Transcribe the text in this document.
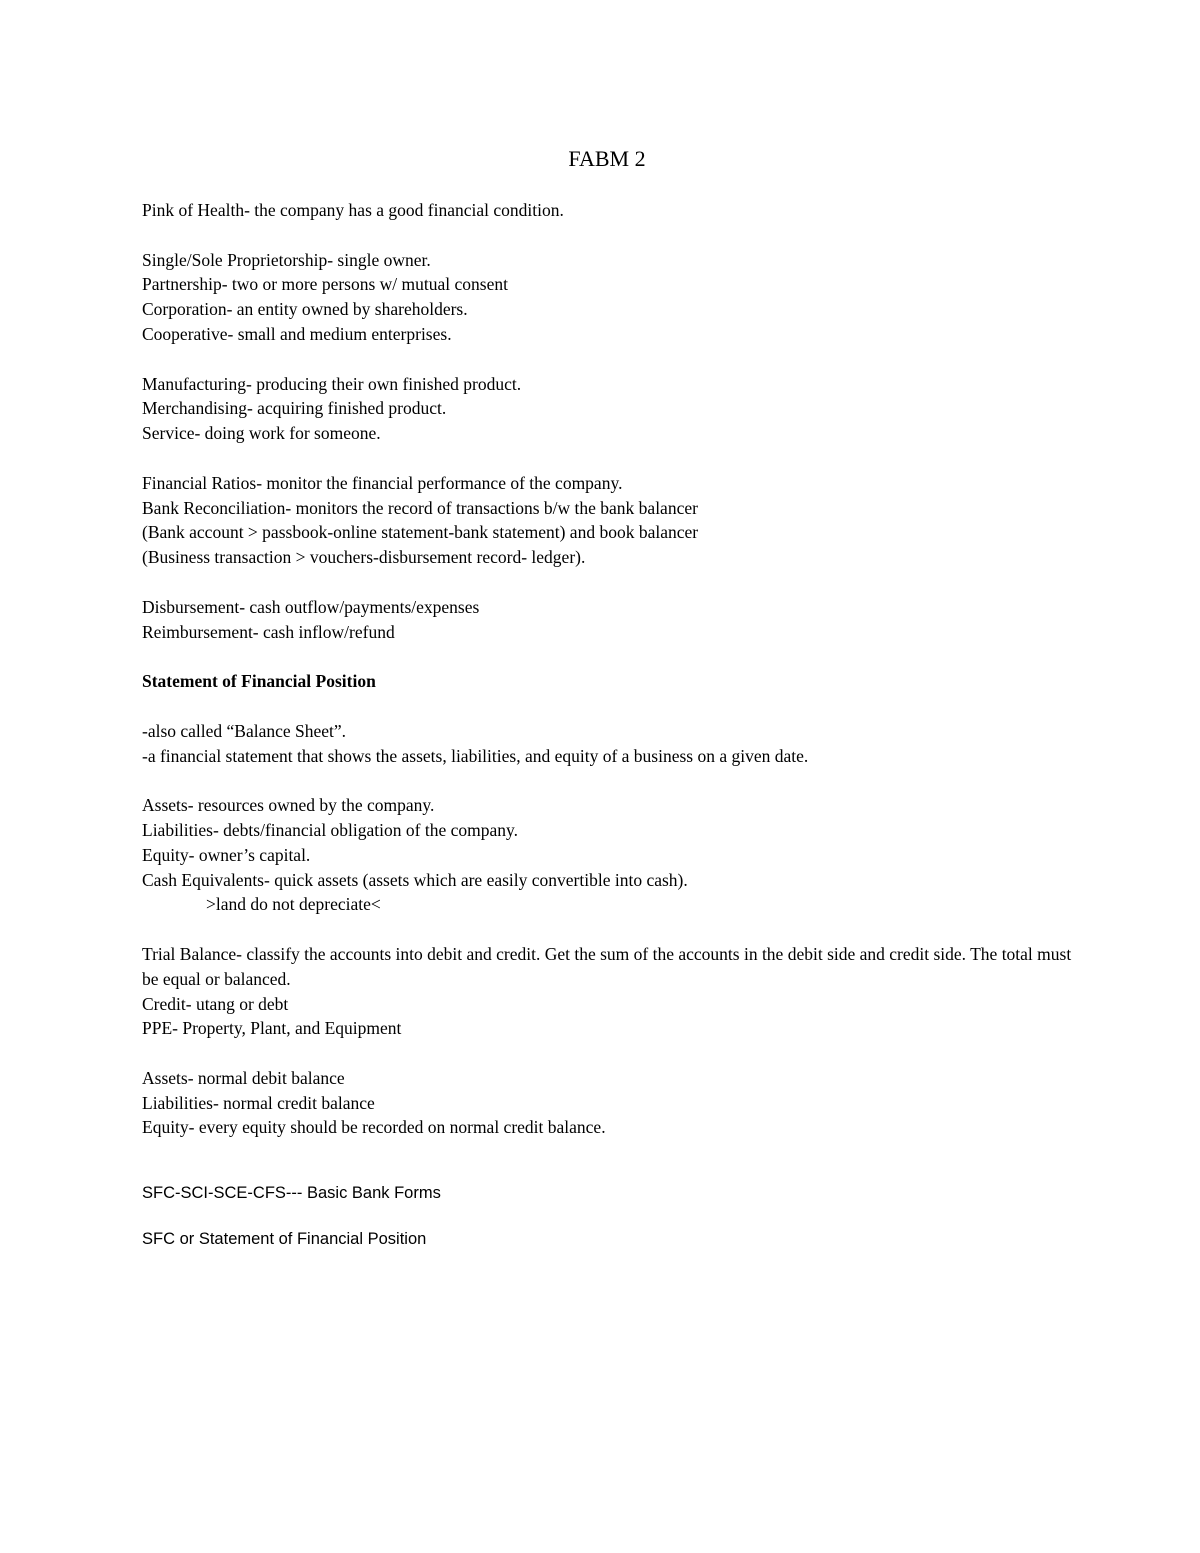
FABM 2
Pink of Health- the company has a good financial condition.
Single/Sole Proprietorship- single owner.
Partnership- two or more persons w/ mutual consent
Corporation- an entity owned by shareholders.
Cooperative- small and medium enterprises.
Manufacturing- producing their own finished product.
Merchandising- acquiring finished product.
Service- doing work for someone.
Financial Ratios- monitor the financial performance of the company.
Bank Reconciliation- monitors the record of transactions b/w the bank balancer
(Bank account > passbook-online statement-bank statement) and book balancer
(Business transaction > vouchers-disbursement record- ledger).
Disbursement- cash outflow/payments/expenses
Reimbursement- cash inflow/refund
Statement of Financial Position
-also called “Balance Sheet”.
-a financial statement that shows the assets, liabilities, and equity of a business on a given date.
Assets- resources owned by the company.
Liabilities- debts/financial obligation of the company.
Equity- owner’s capital.
Cash Equivalents- quick assets (assets which are easily convertible into cash).
>land do not depreciate<
Trial Balance- classify the accounts into debit and credit. Get the sum of the accounts in the debit side and credit side. The total must be equal or balanced.
Credit- utang or debt
PPE- Property, Plant, and Equipment
Assets- normal debit balance
Liabilities- normal credit balance
Equity- every equity should be recorded on normal credit balance.
SFC-SCI-SCE-CFS--- Basic Bank Forms
SFC or Statement of Financial Position
